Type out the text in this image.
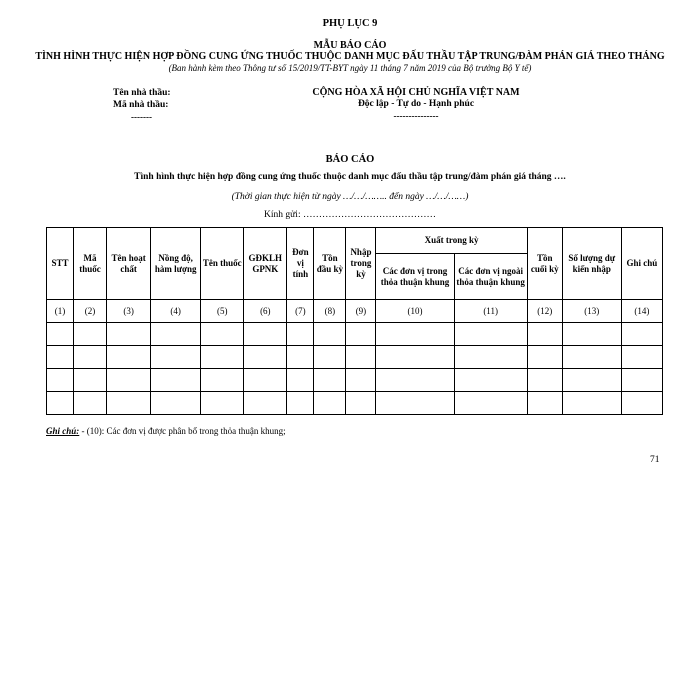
PHỤ LỤC 9
MẪU BÁO CÁO
TÌNH HÌNH THỰC HIỆN HỢP ĐỒNG CUNG ỨNG THUỐC THUỘC DANH MỤC ĐẤU THẦU TẬP TRUNG/ĐÀM PHÁN GIÁ THEO THÁNG
(Ban hành kèm theo Thông tư số 15/2019/TT-BYT ngày 11 tháng 7 năm 2019 của Bộ trưởng Bộ Y tế)
Tên nhà thầu:
Mã nhà thầu:
-------
CỘNG HÒA XÃ HỘI CHỦ NGHĨA VIỆT NAM
Độc lập - Tự do - Hạnh phúc
---------------
BÁO CÁO
Tình hình thực hiện hợp đồng cung ứng thuốc thuộc danh mục đấu thầu tập trung/đàm phán giá tháng ….
(Thời gian thực hiện từ ngày …/…/…….. đến ngày …/…/……)
Kính gửi: ……………………………………
STT	Mã thuốc	Tên hoạt chất	Nồng độ, hàm lượng	Tên thuốc	GĐKLH GPNK	Đơn vị tính	Tồn đầu kỳ	Nhập trong kỳ	Xuất trong kỳ		Tồn cuối kỳ	Số lượng dự kiến nhập	Ghi chú
									Các đơn vị trong thỏa thuận khung	Các đơn vị ngoài thỏa thuận khung			
(1)	(2)	(3)	(4)	(5)	(6)	(7)	(8)	(9)	(10)	(11)	(12)	(13)	(14)

Ghi chú: - (10): Các đơn vị được phân bổ trong thỏa thuận khung;
71
